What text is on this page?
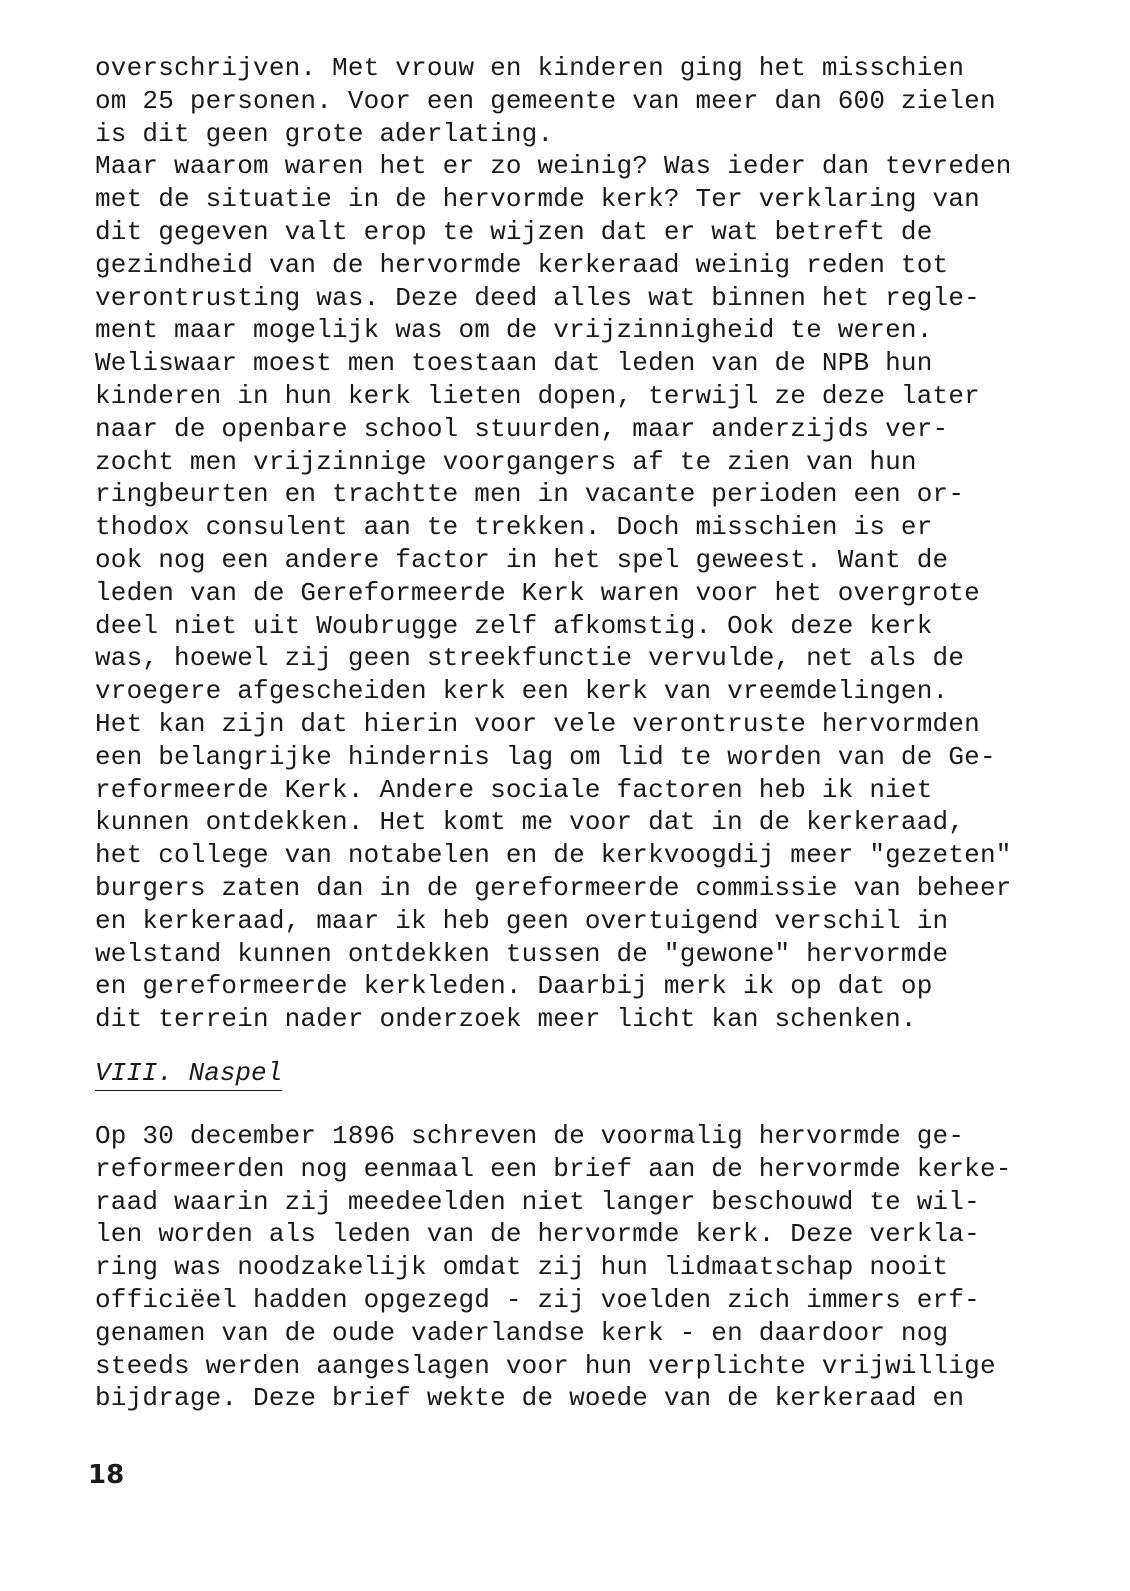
overschrijven. Met vrouw en kinderen ging het misschien
om 25 personen. Voor een gemeente van meer dan 600 zielen
is dit geen grote aderlating.
Maar waarom waren het er zo weinig? Was ieder dan tevreden
met de situatie in de hervormde kerk? Ter verklaring van
dit gegeven valt erop te wijzen dat er wat betreft de
gezindheid van de hervormde kerkeraad weinig reden tot
verontrusting was. Deze deed alles wat binnen het regle-
ment maar mogelijk was om de vrijzinnigheid te weren.
Weliswaar moest men toestaan dat leden van de NPB hun
kinderen in hun kerk lieten dopen, terwijl ze deze later
naar de openbare school stuurden, maar anderzijds ver-
zocht men vrijzinnige voorgangers af te zien van hun
ringbeurten en trachtte men in vacante perioden een or-
thodox consulent aan te trekken. Doch misschien is er
ook nog een andere factor in het spel geweest. Want de
leden van de Gereformeerde Kerk waren voor het overgrote
deel niet uit Woubrugge zelf afkomstig. Ook deze kerk
was, hoewel zij geen streekfunctie vervulde, net als de
vroegere afgescheiden kerk een kerk van vreemdelingen.
Het kan zijn dat hierin voor vele verontruste hervormden
een belangrijke hindernis lag om lid te worden van de Ge-
reformeerde Kerk. Andere sociale factoren heb ik niet
kunnen ontdekken. Het komt me voor dat in de kerkeraad,
het college van notabelen en de kerkvoogdij meer "gezeten"
burgers zaten dan in de gereformeerde commissie van beheer
en kerkeraad, maar ik heb geen overtuigend verschil in
welstand kunnen ontdekken tussen de "gewone" hervormde
en gereformeerde kerkleden. Daarbij merk ik op dat op
dit terrein nader onderzoek meer licht kan schenken.
VIII. Naspel
Op 30 december 1896 schreven de voormalig hervormde ge-
reformeerden nog eenmaal een brief aan de hervormde kerke-
raad waarin zij meedeelden niet langer beschouwd te wil-
len worden als leden van de hervormde kerk. Deze verkla-
ring was noodzakelijk omdat zij hun lidmaatschap nooit
officiëel hadden opgezegd - zij voelden zich immers erf-
genamen van de oude vaderlandse kerk - en daardoor nog
steeds werden aangeslagen voor hun verplichte vrijwillige
bijdrage. Deze brief wekte de woede van de kerkeraad en
18
